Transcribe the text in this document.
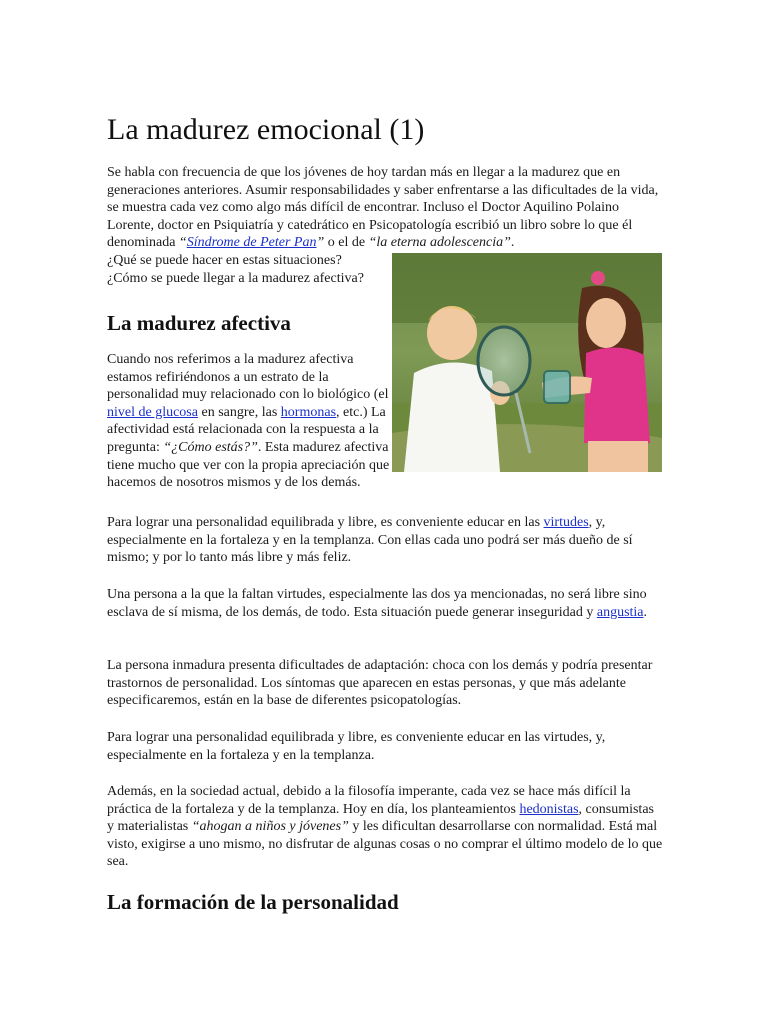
La madurez emocional (1)

Se habla con frecuencia de que los jóvenes de hoy tardan más en llegar a la madurez que en generaciones anteriores. Asumir responsabilidades y saber enfrentarse a las dificultades de la vida, se muestra cada vez como algo más difícil de encontrar. Incluso el Doctor Aquilino Polaino Lorente, doctor en Psiquiatría y catedrático en Psicopatología escribió un libro sobre lo que él denominada “Síndrome de Peter Pan” o el de “la eterna adolescencia”.

¿Qué se puede hacer en estas situaciones?

¿Cómo se puede llegar a la madurez afectiva?

La madurez afectiva

Cuando nos referimos a la madurez afectiva estamos refiriéndonos a un estrato de la personalidad muy relacionado con lo biológico (el nivel de glucosa en sangre, las hormonas, etc.) La afectividad está relacionada con la respuesta a la pregunta: “¿Cómo estás?”. Esta madurez afectiva tiene mucho que ver con la propia apreciación que hacemos de nosotros mismos y de los demás.

Para lograr una personalidad equilibrada y libre, es conveniente educar en las virtudes, y, especialmente en la fortaleza y en la templanza. Con ellas cada uno podrá ser más dueño de sí mismo; y por lo tanto más libre y más feliz.

Una persona a la que la faltan virtudes, especialmente las dos ya mencionadas, no será libre sino esclava de sí misma, de los demás, de todo. Esta situación puede generar inseguridad y angustia.

La persona inmadura presenta dificultades de adaptación: choca con los demás y podría presentar trastornos de personalidad. Los síntomas que aparecen en estas personas, y que más adelante especificaremos, están en la base de diferentes psicopatologías.

Para lograr una personalidad equilibrada y libre, es conveniente educar en las virtudes, y, especialmente en la fortaleza y en la templanza.

Además, en la sociedad actual, debido a la filosofía imperante, cada vez se hace más difícil la práctica de la fortaleza y de la templanza. Hoy en día, los planteamientos hedonistas, consumistas y materialistas “ahogan a niños y jóvenes” y les dificultan desarrollarse con normalidad. Está mal visto, exigirse a uno mismo, no disfrutar de algunas cosas o no comprar el último modelo de lo que sea.

La formación de la personalidad
